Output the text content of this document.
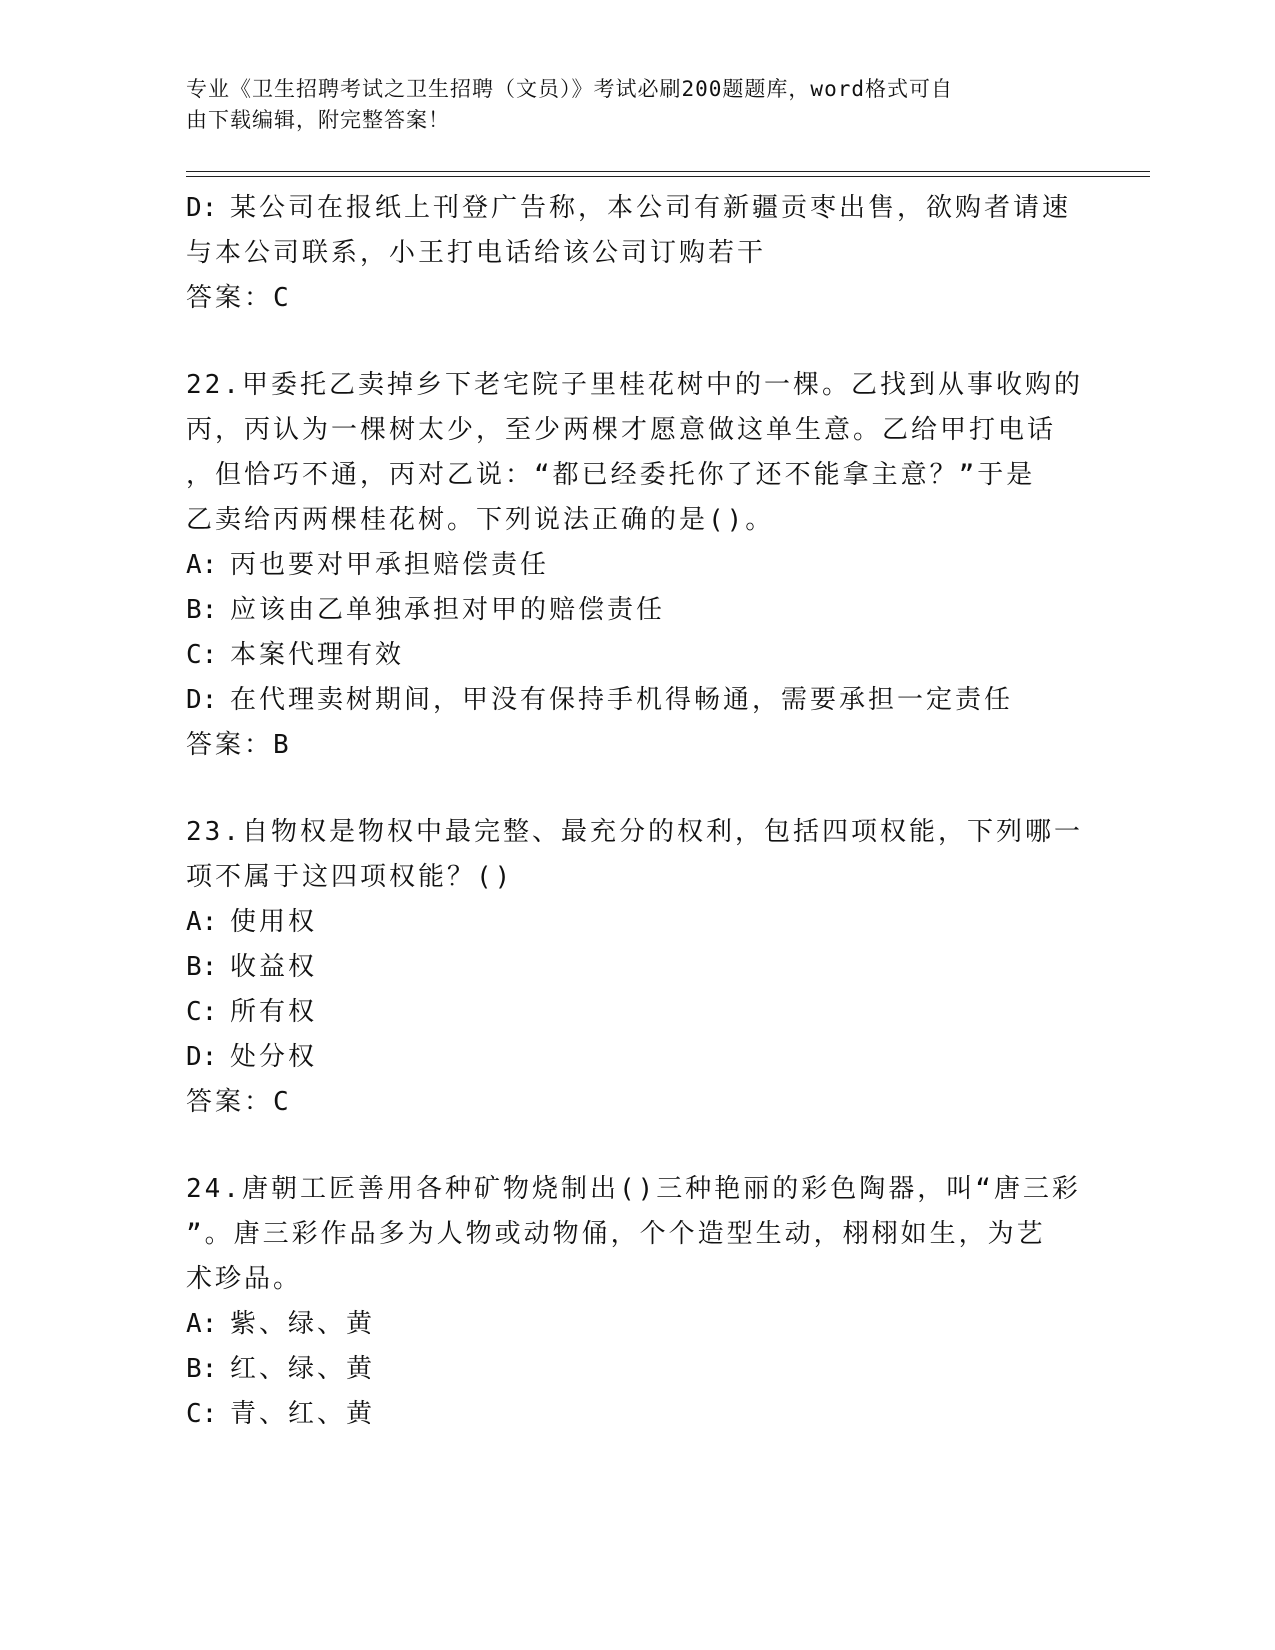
专业《卫生招聘考试之卫生招聘（文员）》考试必刷200题题库，word格式可自
由下载编辑，附完整答案！
D: 某公司在报纸上刊登广告称，本公司有新疆贡枣出售，欲购者请速
与本公司联系，小王打电话给该公司订购若干
答案：C
22.甲委托乙卖掉乡下老宅院子里桂花树中的一棵。乙找到从事收购的
丙，丙认为一棵树太少，至少两棵才愿意做这单生意。乙给甲打电话
，但恰巧不通，丙对乙说：“都已经委托你了还不能拿主意？”于是
乙卖给丙两棵桂花树。下列说法正确的是()。
A: 丙也要对甲承担赔偿责任
B: 应该由乙单独承担对甲的赔偿责任
C: 本案代理有效
D: 在代理卖树期间，甲没有保持手机得畅通，需要承担一定责任
答案：B
23.自物权是物权中最完整、最充分的权利，包括四项权能，下列哪一
项不属于这四项权能？()
A: 使用权
B: 收益权
C: 所有权
D: 处分权
答案：C
24.唐朝工匠善用各种矿物烧制出()三种艳丽的彩色陶器，叫“唐三彩
”。唐三彩作品多为人物或动物俑，个个造型生动，栩栩如生，为艺
术珍品。
A: 紫、绿、黄
B: 红、绿、黄
C: 青、红、黄
